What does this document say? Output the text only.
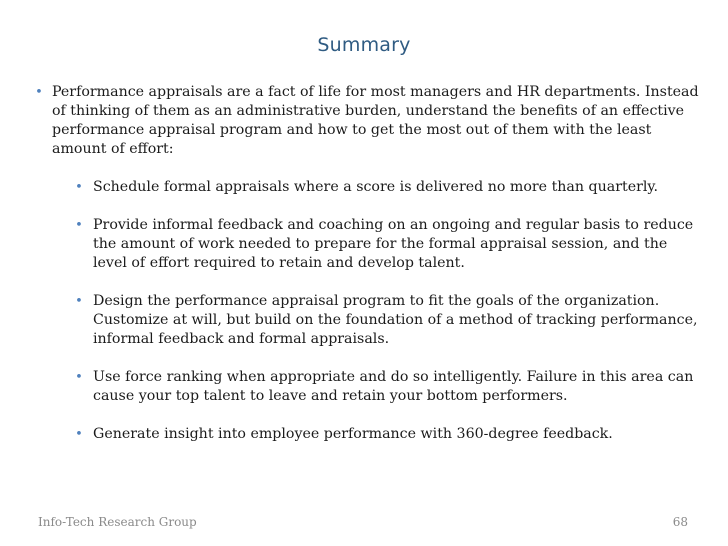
Summary
• Performance appraisals are a fact of life for most managers and HR departments. Instead of thinking of them as an administrative burden, understand the benefits of an effective performance appraisal program and how to get the most out of them with the least amount of effort:
• Schedule formal appraisals where a score is delivered no more than quarterly.
• Provide informal feedback and coaching on an ongoing and regular basis to reduce the amount of work needed to prepare for the formal appraisal session, and the level of effort required to retain and develop talent.
• Design the performance appraisal program to fit the goals of the organization. Customize at will, but build on the foundation of a method of tracking performance, informal feedback and formal appraisals.
• Use force ranking when appropriate and do so intelligently. Failure in this area can cause your top talent to leave and retain your bottom performers.
• Generate insight into employee performance with 360-degree feedback.
Info-Tech Research Group	68
